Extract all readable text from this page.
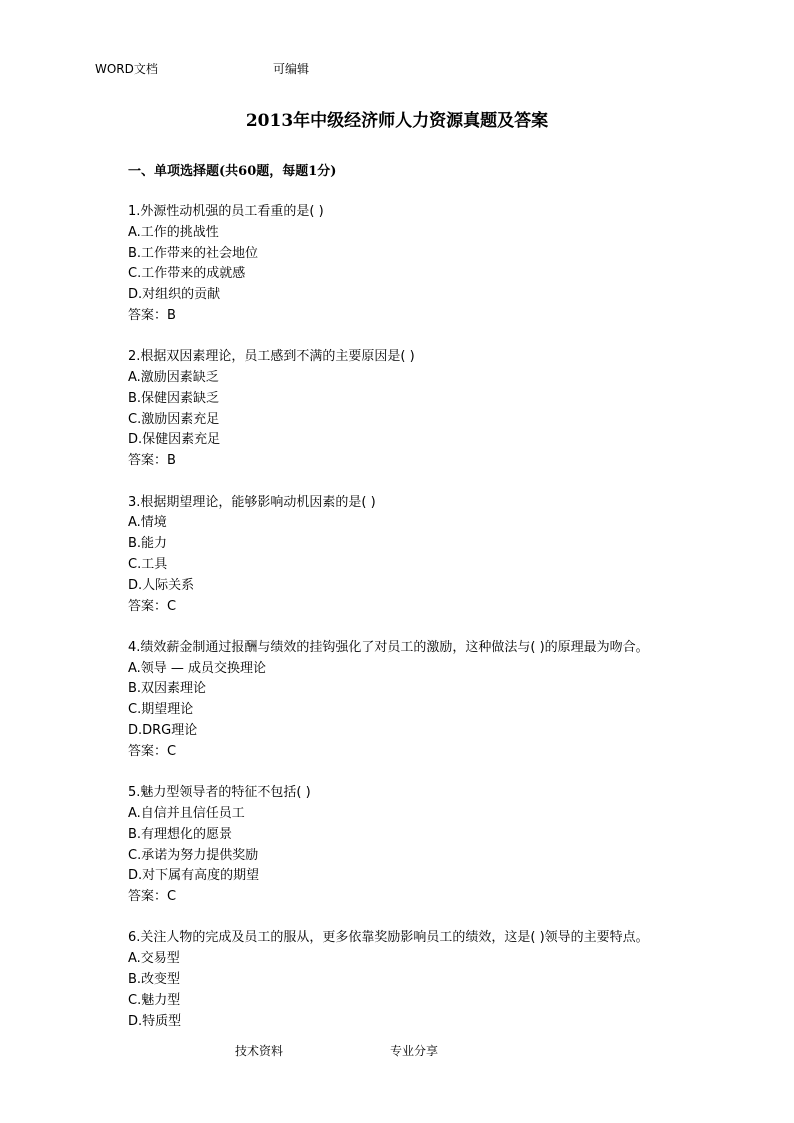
WORD文档	可编辑
2013年中级经济师人力资源真题及答案
一、单项选择题(共60题，每题1分)
1.外源性动机强的员工看重的是( )
A.工作的挑战性
B.工作带来的社会地位
C.工作带来的成就感
D.对组织的贡献
答案：B
2.根据双因素理论，员工感到不满的主要原因是( )
A.激励因素缺乏
B.保健因素缺乏
C.激励因素充足
D.保健因素充足
答案：B
3.根据期望理论，能够影响动机因素的是( )
A.情境
B.能力
C.工具
D.人际关系
答案：C
4.绩效薪金制通过报酬与绩效的挂钩强化了对员工的激励，这种做法与( )的原理最为吻合。
A.领导 — 成员交换理论
B.双因素理论
C.期望理论
D.DRG理论
答案：C
5.魅力型领导者的特征不包括( )
A.自信并且信任员工
B.有理想化的愿景
C.承诺为努力提供奖励
D.对下属有高度的期望
答案：C
6.关注人物的完成及员工的服从，更多依靠奖励影响员工的绩效，这是( )领导的主要特点。
A.交易型
B.改变型
C.魅力型
D.特质型
技术资料	专业分享
